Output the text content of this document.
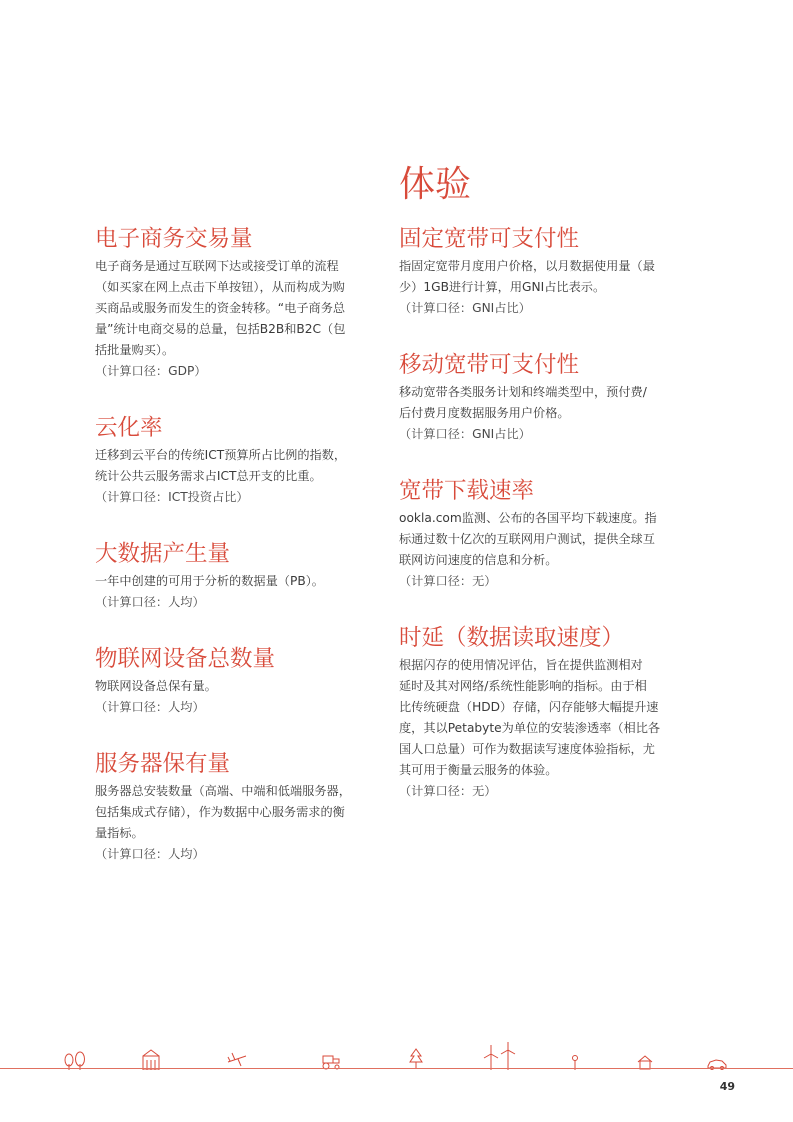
体验
电子商务交易量

电子商务是通过互联网下达或接受订单的流程

（如买家在网上点击下单按钮），从而构成为购

买商品或服务而发生的资金转移。“电子商务总

量”统计电商交易的总量，包括B2B和B2C（包

括批量购买）。

（计算口径：GDP）

云化率

迁移到云平台的传统ICT预算所占比例的指数，

统计公共云服务需求占ICT总开支的比重。

（计算口径：ICT投资占比）

大数据产生量

一年中创建的可用于分析的数据量（PB）。

（计算口径：人均）

物联网设备总数量

物联网设备总保有量。

（计算口径：人均）

服务器保有量

服务器总安装数量（高端、中端和低端服务器，

包括集成式存储），作为数据中心服务需求的衡

量指标。

（计算口径：人均）

固定宽带可支付性

指固定宽带月度用户价格，以月数据使用量（最

少）1GB进行计算，用GNI占比表示。

（计算口径：GNI占比）

移动宽带可支付性

移动宽带各类服务计划和终端类型中，预付费/

后付费月度数据服务用户价格。

（计算口径：GNI占比）

宽带下载速率

ookla.com监测、公布的各国平均下载速度。指

标通过数十亿次的互联网用户测试，提供全球互

联网访问速度的信息和分析。

（计算口径：无）

时延（数据读取速度）

根据闪存的使用情况评估，旨在提供监测相对

延时及其对网络/系统性能影响的指标。由于相

比传统硬盘（HDD）存储，闪存能够大幅提升速

度，其以Petabyte为单位的安装渗透率（相比各

国人口总量）可作为数据读写速度体验指标，尤

其可用于衡量云服务的体验。

（计算口径：无）

49
